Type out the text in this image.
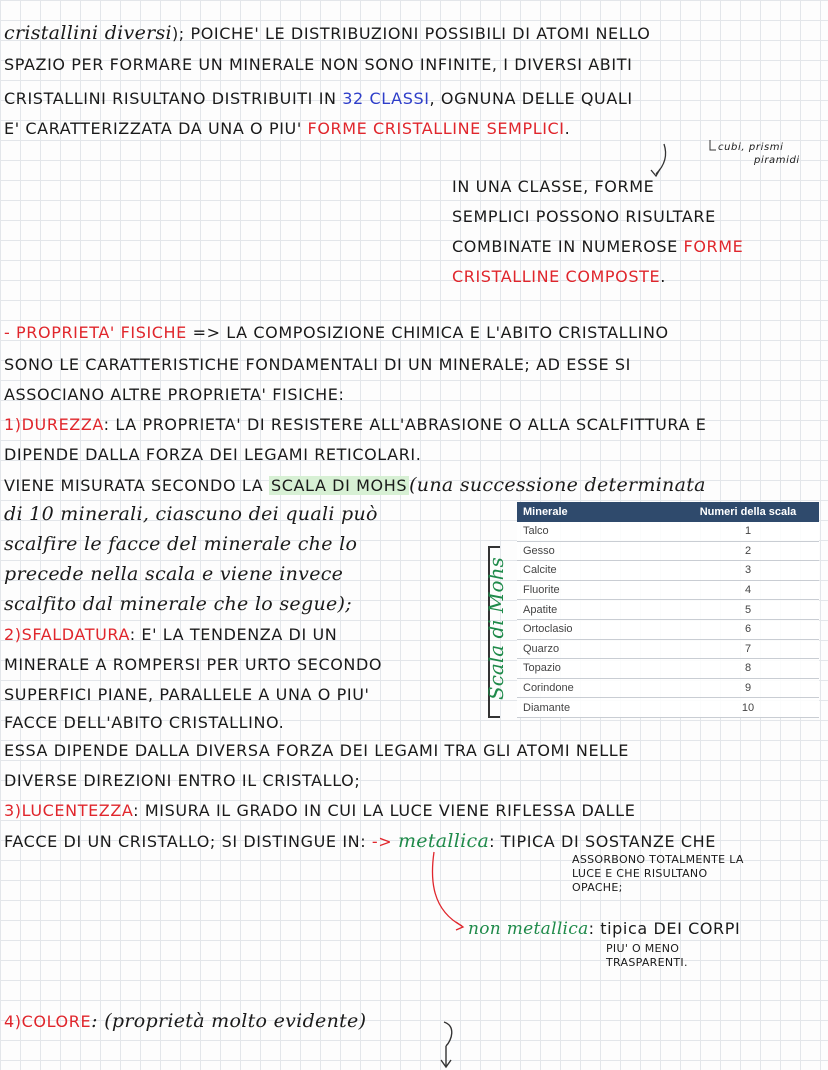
cristallini diversi); POICHE' LE DISTRIBUZIONI POSSIBILI DI ATOMI NELLO
SPAZIO PER FORMARE UN MINERALE NON SONO INFINITE, I DIVERSI ABITI
CRISTALLINI RISULTANO DISTRIBUITI IN 32 CLASSI, OGNUNA DELLE QUALI
E' CARATTERIZZATA DA UNA O PIU' FORME CRISTALLINE SEMPLICI.
cubi, prismi
piramidi
IN UNA CLASSE, FORME
SEMPLICI POSSONO RISULTARE
COMBINATE IN NUMEROSE FORME
CRISTALLINE COMPOSTE.
- PROPRIETA' FISICHE => LA COMPOSIZIONE CHIMICA E L'ABITO CRISTALLINO
SONO LE CARATTERISTICHE FONDAMENTALI DI UN MINERALE; AD ESSE SI
ASSOCIANO ALTRE PROPRIETA' FISICHE:
1)DUREZZA: LA PROPRIETA' DI RESISTERE ALL'ABRASIONE O ALLA SCALFITTURA E
DIPENDE DALLA FORZA DEI LEGAMI RETICOLARI.
VIENE MISURATA SECONDO LA SCALA DI MOHS (una successione determinata
di 10 minerali, ciascuno dei quali può
scalfire le facce del minerale che lo
precede nella scala e viene invece
scalfito dal minerale che lo segue);	Scala di Mohs
Minerale	Numeri della scala
Talco	1
Gesso	2
Calcite	3
Fluorite	4
Apatite	5
Ortoclasio	6
Quarzo	7
Topazio	8
Corindone	9
Diamante	10
2)SFALDATURA: E' LA TENDENZA DI UN
MINERALE A ROMPERSI PER URTO SECONDO
SUPERFICI PIANE, PARALLELE A UNA O PIU'
FACCE DELL'ABITO CRISTALLINO.
ESSA DIPENDE DALLA DIVERSA FORZA DEI LEGAMI TRA GLI ATOMI NELLE
DIVERSE DIREZIONI ENTRO IL CRISTALLO;
3)LUCENTEZZA: MISURA IL GRADO IN CUI LA LUCE VIENE RIFLESSA DALLE
FACCE DI UN CRISTALLO; SI DISTINGUE IN: -> metallica: TIPICA DI SOSTANZE CHE
ASSORBONO TOTALMENTE LA
LUCE E CHE RISULTANO
OPACHE;
non metallica: tipica DEI CORPI
PIU' O MENO
TRASPARENTI.
4)COLORE: (proprietà molto evidente)
